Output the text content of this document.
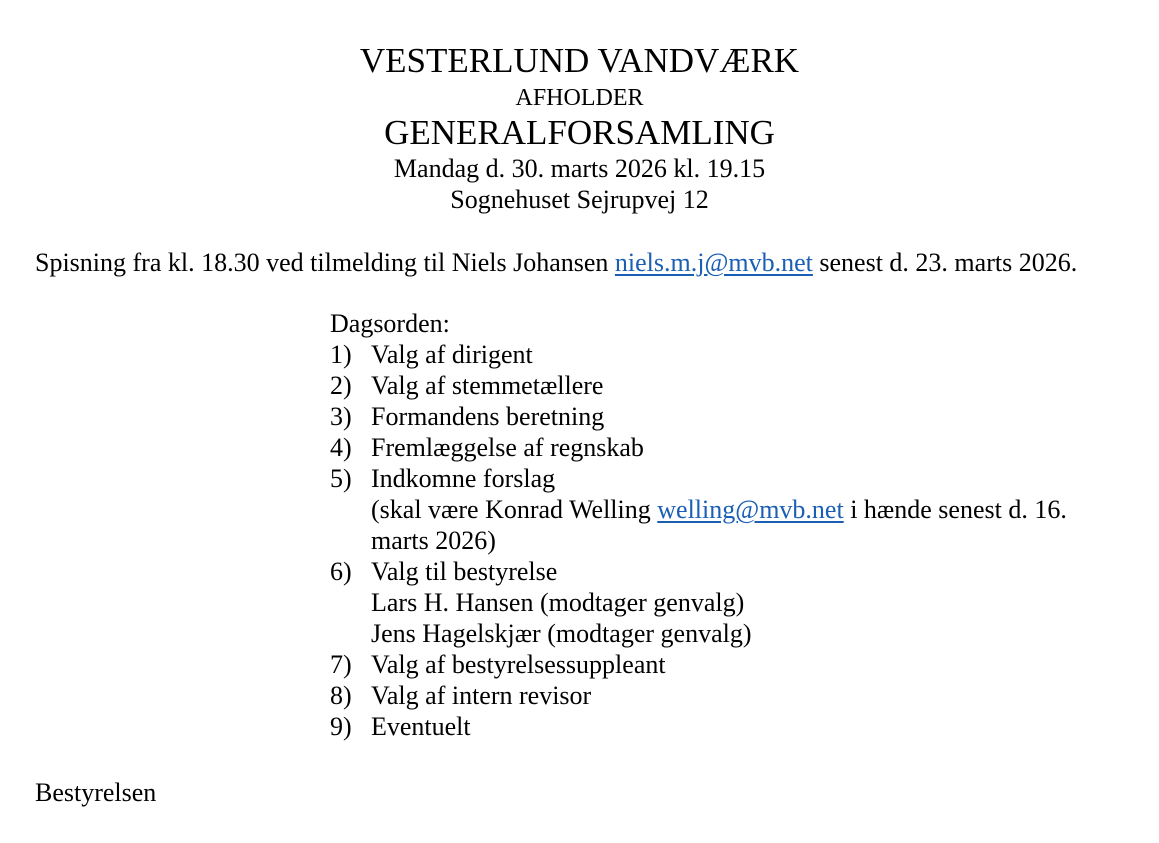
VESTERLUND VANDVÆRK
AFHOLDER
GENERALFORSAMLING
Mandag d. 30. marts 2026 kl. 19.15
Sognehuset Sejrupvej 12
Spisning fra kl. 18.30 ved tilmelding til Niels Johansen niels.m.j@mvb.net senest d. 23. marts 2026.
Dagsorden:
1) Valg af dirigent
2) Valg af stemmetællere
3) Formandens beretning
4) Fremlæggelse af regnskab
5) Indkomne forslag
(skal være Konrad Welling welling@mvb.net i hænde senest d. 16.
marts 2026)
6) Valg til bestyrelse
Lars H. Hansen (modtager genvalg)
Jens Hagelskjær (modtager genvalg)
7) Valg af bestyrelsessuppleant
8) Valg af intern revisor
9) Eventuelt
Bestyrelsen
